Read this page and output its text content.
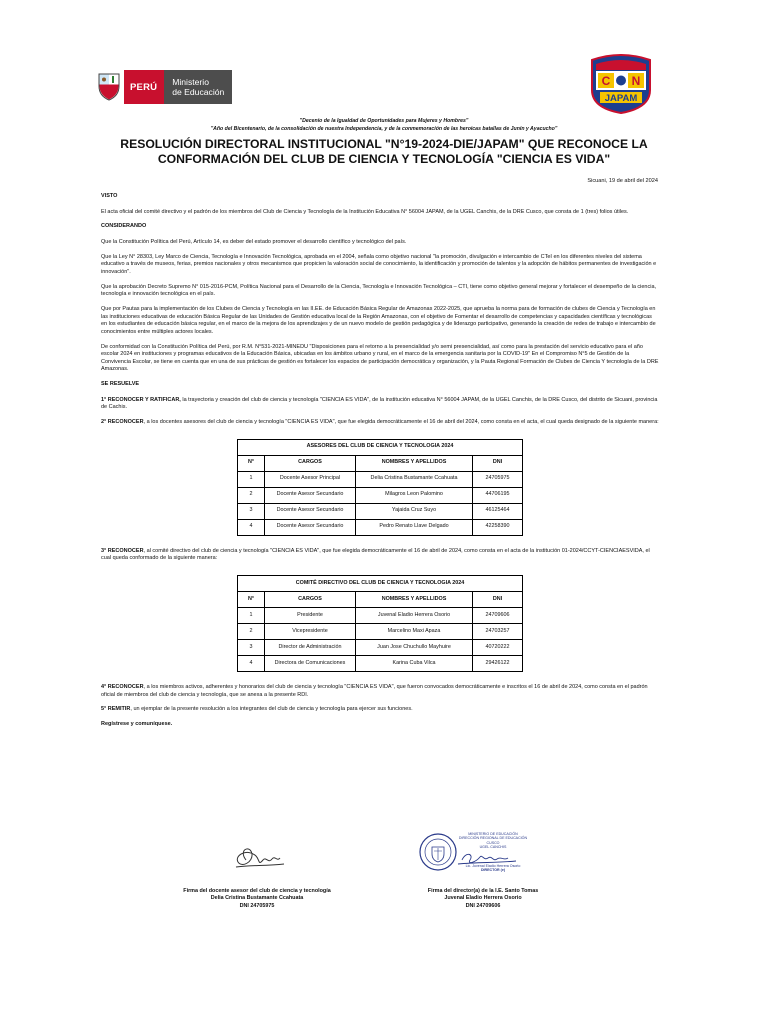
PERÚ	Ministerio
de Educación
C N
JAPAM
"Decenio de la Igualdad de Oportunidades para Mujeres y Hombres"
"Año del Bicentenario, de la consolidación de nuestra Independencia, y de la conmemoración de las heroicas batallas de Junín y Ayacucho"
RESOLUCIÓN DIRECTORAL INSTITUCIONAL "N°19-2024-DIE/JAPAM" QUE RECONOCE LA
CONFORMACIÓN DEL CLUB DE CIENCIA Y TECNOLOGÍA "CIENCIA ES VIDA"
Sicuani, 19 de abril del 2024

VISTO

El acta oficial del comité directivo y el padrón de los miembros del Club de Ciencia y Tecnología de la Institución Educativa N° 56004 JAPAM, de la UGEL Canchis, de la DRE Cusco, que consta de 1 (tres) folios útiles.

CONSIDERANDO

Que la Constitución Política del Perú, Artículo 14, es deber del estado promover el desarrollo científico y tecnológico del país.

Que la Ley N° 28303, Ley Marco de Ciencia, Tecnología e Innovación Tecnológica, aprobada en el 2004, señala como objetivo nacional "la promoción, divulgación e intercambio de CTeI en los diferentes niveles del sistema educativo a través de museos, ferias, premios nacionales y otros mecanismos que propicien la valoración social de conocimiento, la identificación y promoción de talentos y la adopción de hábitos permanentes de investigación e innovación".

Que la aprobación Decreto Supremo N° 015-2016-PCM, Política Nacional para el Desarrollo de la Ciencia, Tecnología e Innovación Tecnológica – CTI, tiene como objetivo general mejorar y fortalecer el desempeño de la ciencia, tecnología e innovación tecnológica en el país.

Que por Pautas para la implementación de los Clubes de Ciencia y Tecnología en las II.EE. de Educación Básica Regular de Amazonas 2022-2025, que aprueba la norma para de formación de clubes de Ciencia y Tecnología en las instituciones educativas de educación Básica Regular de las Unidades de Gestión educativa local de la Región Amazonas, con el objetivo de Fomentar el desarrollo de competencias y capacidades científicas y tecnológicas en los estudiantes de educación básica regular, en el marco de la mejora de los aprendizajes y de un nuevo modelo de gestión pedagógica y de liderazgo participativo, generando la creación de redes de trabajo e intercambio de conocimientos entre múltiples actores locales.

De conformidad con la Constitución Política del Perú, por R.M. N°531-2021-MINEDU "Disposiciones para el retorno a la presencialidad y/o semi presencialidad, así como para la prestación del servicio educativo para el año escolar 2024 en instituciones y programas educativos de la Educación Básica, ubicadas en los ámbitos urbano y rural, en el marco de la emergencia sanitaria por la COVID-19" En el Compromiso N°5 de Gestión de la Convivencia Escolar, se tiene en cuenta que en una de sus prácticas de gestión es fortalecer los espacios de participación democrática y organización, y la Pauta Regional Formación de Clubes de Ciencia Y tecnología de la DRE Amazonas.

SE RESUELVE

1° RECONOCER Y RATIFICAR, la trayectoria y creación del club de ciencia y tecnología "CIENCIA ES VIDA", de la institución educativa N° 56004 JAPAM, de la UGEL Canchis, de la DRE Cusco, del distrito de Sicuani, provincia de Cachis.

2° RECONOCER, a los docentes asesores del club de ciencia y tecnología "CIENCIA ES VIDA", que fue elegida democráticamente el 16 de abril del 2024, como consta en el acta, el cual queda designado de la siguiente manera:

ASESORES DEL CLUB DE CIENCIA Y TECNOLOGIA 2024			
N°	CARGOS	NOMBRES Y APELLIDOS	DNI
1	Docente Asesor Principal	Delia Cristina Bustamante Ccahuata	24705975
2	Docente Asesor Secundario	Milagros Leon Palomino	44706195
3	Docente Asesor Secundario	Yajaida Cruz Suyo	46125464
4	Docente Asesor Secundario	Pedro Renato Llave Delgado	42258390

3° RECONOCER, al comité directivo del club de ciencia y tecnología "CIENCIA ES VIDA", que fue elegida democráticamente el 16 de abril de 2024, como consta en el acta de la institución 01-2024/CCYT-CIENCIAESVIDA, el cual queda conformado de la siguiente manera:

COMITÉ DIRECTIVO DEL CLUB DE CIENCIA Y TECNOLOGIA 2024			
N°	CARGOS	NOMBRES Y APELLIDOS	DNI
1	Presidente	Juvenal Eladio Herrera Osorio	24709606
2	Vicepresidente	Marcelino Maxi Apaza	24703257
3	Director de Administración	Juan Jose Chuchullo Mayhuire	40720222
4	Directora de Comunicaciones	Karina Cuba Vilca	29426122

4° RECONOCER, a los miembros activos, adherentes y honorarios del club de ciencia y tecnología "CIENCIA ES VIDA", que fueron convocados democráticamente e inscritos el 16 de abril de 2024, como consta en el padrón oficial de miembros del club de ciencia y tecnología, que se anexa a la presente RDI.

5° REMITIR, un ejemplar de la presente resolución a los integrantes del club de ciencia y tecnología para ejercer sus funciones.

Regístrese y comuníquese.

MINISTERIO DE EDUCACIÓN
DIRECCIÓN REGIONAL DE EDUCACIÓN CUSCO
UGEL CANCHIS
Lic. Juvenal Eladio Herrera Osorio
DIRECTOR (e)
Firma del docente asesor del club de ciencia y tecnología
Delia Cristina Bustamante Ccahuata
DNI 24705975
Firma del director(a) de la I.E. Santo Tomas
Juvenal Eladio Herrera Osorio
DNI 24709606
